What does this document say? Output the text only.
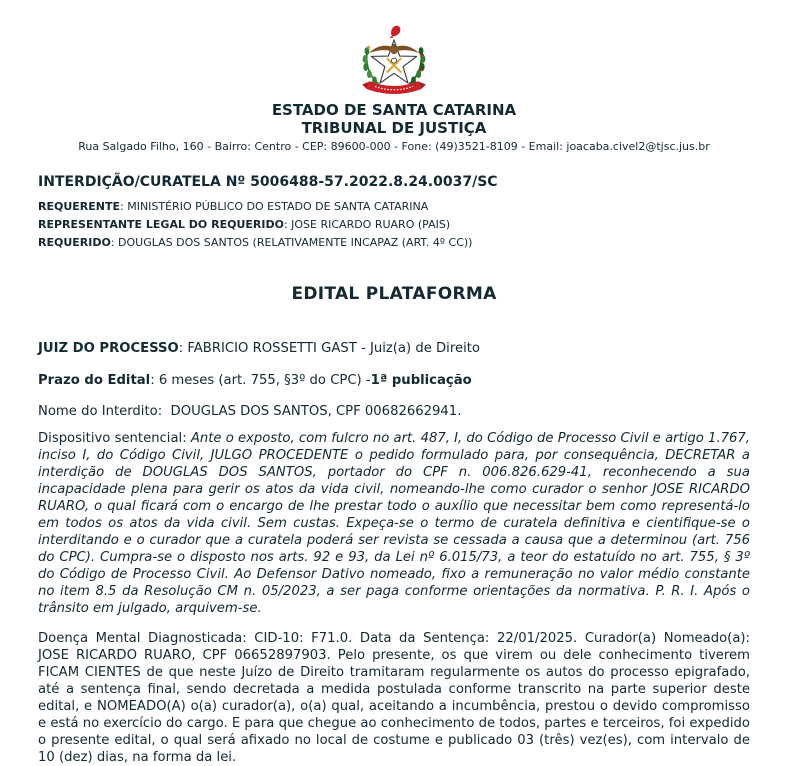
ESTADO DE SANTA CATARINA
TRIBUNAL DE JUSTIÇA
Rua Salgado Filho, 160 - Bairro: Centro - CEP: 89600-000 - Fone: (49)3521-8109 - Email: joacaba.civel2@tjsc.jus.br
INTERDIÇÃO/CURATELA Nº 5006488-57.2022.8.24.0037/SC

REQUERENTE: MINISTÉRIO PÚBLICO DO ESTADO DE SANTA CATARINA

REPRESENTANTE LEGAL DO REQUERIDO: JOSE RICARDO RUARO (PAIS)

REQUERIDO: DOUGLAS DOS SANTOS (RELATIVAMENTE INCAPAZ (ART. 4º CC))

EDITAL PLATAFORMA

JUIZ DO PROCESSO: FABRICIO ROSSETTI GAST - Juiz(a) de Direito

Prazo do Edital: 6 meses (art. 755, §3º do CPC) -1ª publicação

Nome do Interdito:  DOUGLAS DOS SANTOS, CPF 00682662941.

Dispositivo sentencial: Ante o exposto, com fulcro no art. 487, I, do Código de Processo Civil e artigo 1.767, inciso I, do Código Civil, JULGO PROCEDENTE o pedido formulado para, por consequência, DECRETAR a interdição de DOUGLAS DOS SANTOS, portador do CPF n. 006.826.629-41, reconhecendo a sua incapacidade plena para gerir os atos da vida civil, nomeando-lhe como curador o senhor JOSE RICARDO RUARO, o qual ficará com o encargo de lhe prestar todo o auxílio que necessitar bem como representá-lo em todos os atos da vida civil. Sem custas. Expeça-se o termo de curatela definitiva e cientifique-se o interditando e o curador que a curatela poderá ser revista se cessada a causa que a determinou (art. 756 do CPC). Cumpra-se o disposto nos arts. 92 e 93, da Lei nº 6.015/73, a teor do estatuído no art. 755, § 3º do Código de Processo Civil. Ao Defensor Dativo nomeado, fixo a remuneração no valor médio constante no item 8.5 da Resolução CM n. 05/2023, a ser paga conforme orientações da normativa. P. R. I. Após o trânsito em julgado, arquivem-se.

Doença Mental Diagnosticada: CID-10: F71.0. Data da Sentença: 22/01/2025. Curador(a) Nomeado(a): JOSE RICARDO RUARO, CPF 06652897903. Pelo presente, os que virem ou dele conhecimento tiverem FICAM CIENTES de que neste Juízo de Direito tramitaram regularmente os autos do processo epigrafado, até a sentença final, sendo decretada a medida postulada conforme transcrito na parte superior deste edital, e NOMEADO(A) o(a) curador(a), o(a) qual, aceitando a incumbência, prestou o devido compromisso e está no exercício do cargo. E para que chegue ao conhecimento de todos, partes e terceiros, foi expedido o presente edital, o qual será afixado no local de costume e publicado 03 (três) vez(es), com intervalo de 10 (dez) dias, na forma da lei.
